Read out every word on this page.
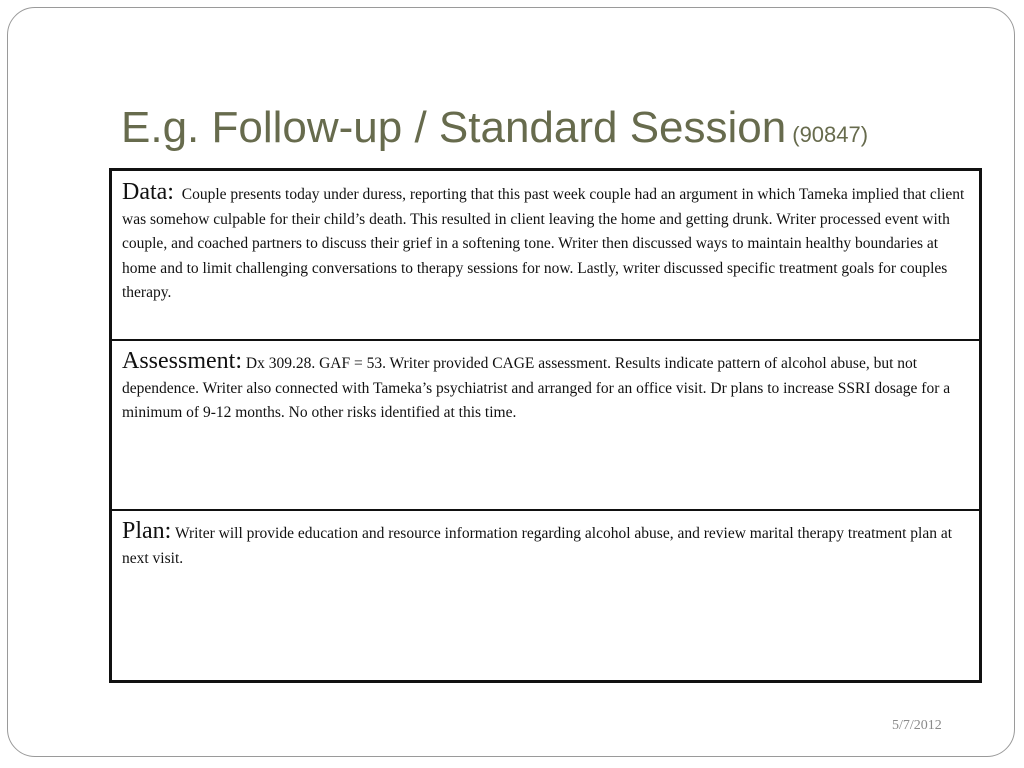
E.g. Follow-up / Standard Session (90847)

Data: Couple presents today under duress, reporting that this past week couple had an argument in which Tameka implied that client was somehow culpable for their child’s death. This resulted in client leaving the home and getting drunk. Writer processed event with couple, and coached partners to discuss their grief in a softening tone. Writer then discussed ways to maintain healthy boundaries at home and to limit challenging conversations to therapy sessions for now. Lastly, writer discussed specific treatment goals for couples therapy.

Assessment: Dx 309.28. GAF = 53. Writer provided CAGE assessment. Results indicate pattern of alcohol abuse, but not dependence. Writer also connected with Tameka’s psychiatrist and arranged for an office visit. Dr plans to increase SSRI dosage for a minimum of 9-12 months. No other risks identified at this time.

Plan: Writer will provide education and resource information regarding alcohol abuse, and review marital therapy treatment plan at next visit.

5/7/2012
